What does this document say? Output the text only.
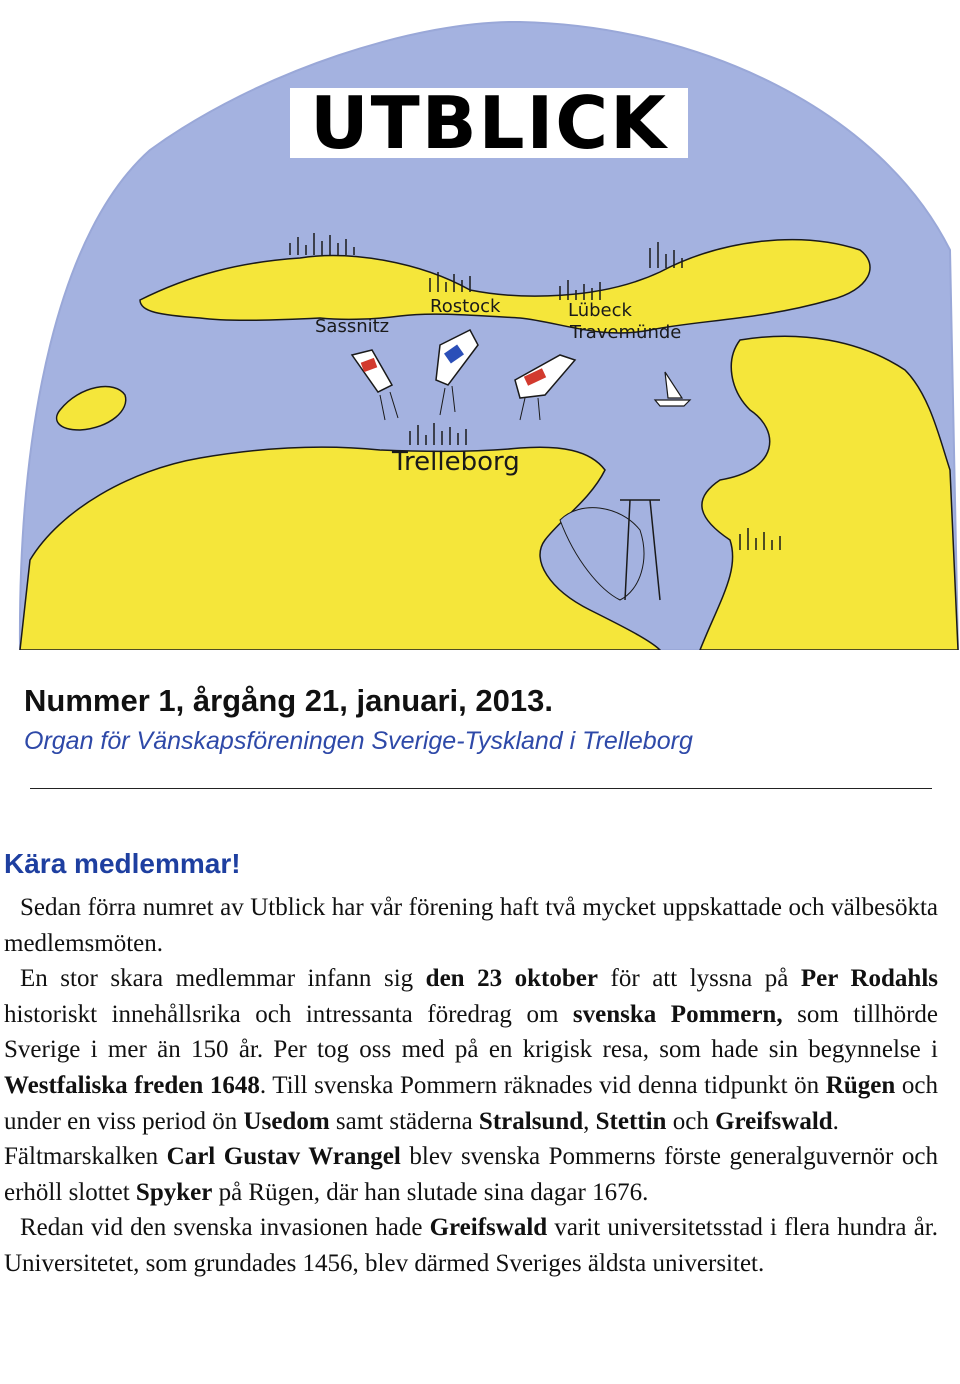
Sassnitz
Rostock	Lübeck
Travemünde
Trelleborg
UTBLICK
Nummer 1, årgång 21, januari, 2013.
Organ för Vänskapsföreningen Sverige-Tyskland i Trelleborg
Kära medlemmar!

Sedan förra numret av Utblick har vår förening haft två mycket uppskattade och välbesökta medlemsmöten.

En stor skara medlemmar infann sig den 23 oktober för att lyssna på Per Rodahls historiskt innehållsrika och intressanta föredrag om svenska Pommern, som tillhörde Sverige i mer än 150 år. Per tog oss med på en krigisk resa, som hade sin begynnelse i Westfaliska freden 1648. Till svenska Pommern räknades vid denna tidpunkt ön Rügen och under en viss period ön Usedom samt städerna Stralsund, Stettin och Greifswald.

Fältmarskalken Carl Gustav Wrangel blev svenska Pommerns förste generalguvernör och erhöll slottet Spyker på Rügen, där han slutade sina dagar 1676.

Redan vid den svenska invasionen hade Greifswald varit universitetsstad i flera hundra år. Universitetet, som grundades 1456, blev därmed Sveriges äldsta universitet.
